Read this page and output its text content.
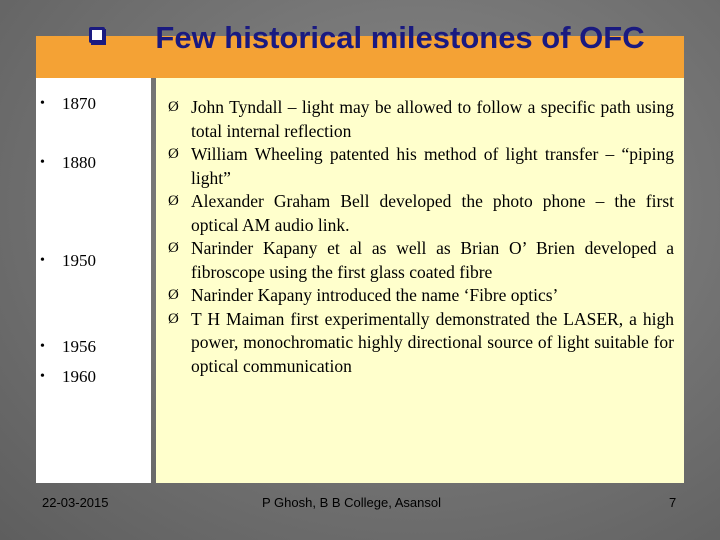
Few historical milestones of OFC
•	1870
•	1880
•	1950
•	1956
•	1960
Ø John Tyndall – light may be allowed to follow a specific path using total internal reflection
Ø William Wheeling patented his method of light transfer – “piping light”
Ø Alexander Graham Bell developed the photo phone – the first optical AM audio link.
Ø Narinder Kapany et al as well as Brian O’ Brien developed a fibroscope using the first glass coated fibre
Ø Narinder Kapany introduced the name ‘Fibre optics’
Ø T H Maiman first experimentally demonstrated the LASER, a high power, monochromatic highly directional source of light suitable for optical communication
22-03-2015	P Ghosh, B B College, Asansol	7
